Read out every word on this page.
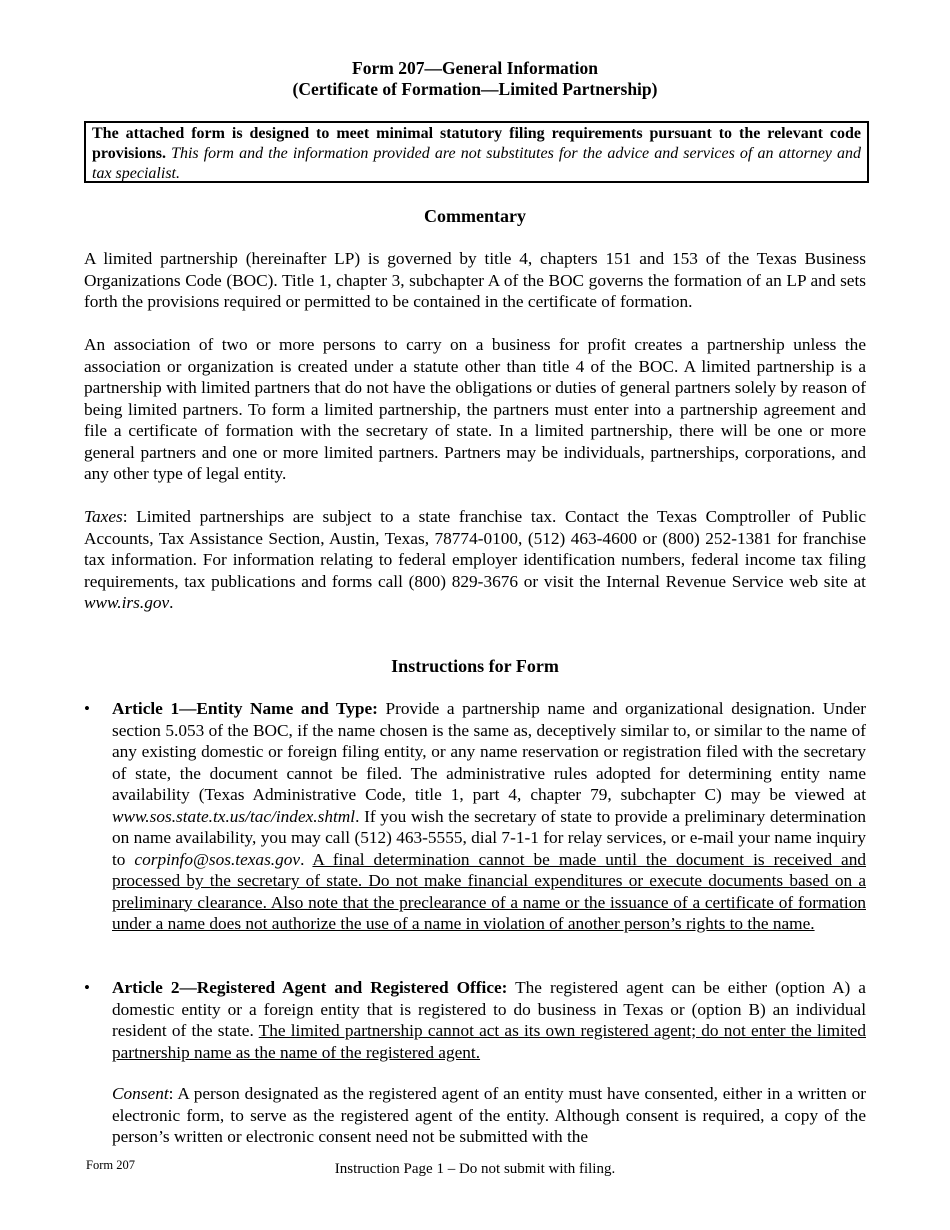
Form 207—General Information
(Certificate of Formation—Limited Partnership)
The attached form is designed to meet minimal statutory filing requirements pursuant to the relevant code provisions. This form and the information provided are not substitutes for the advice and services of an attorney and tax specialist.
Commentary
A limited partnership (hereinafter LP) is governed by title 4, chapters 151 and 153 of the Texas Business Organizations Code (BOC). Title 1, chapter 3, subchapter A of the BOC governs the formation of an LP and sets forth the provisions required or permitted to be contained in the certificate of formation.
An association of two or more persons to carry on a business for profit creates a partnership unless the association or organization is created under a statute other than title 4 of the BOC. A limited partnership is a partnership with limited partners that do not have the obligations or duties of general partners solely by reason of being limited partners. To form a limited partnership, the partners must enter into a partnership agreement and file a certificate of formation with the secretary of state. In a limited partnership, there will be one or more general partners and one or more limited partners. Partners may be individuals, partnerships, corporations, and any other type of legal entity.
Taxes: Limited partnerships are subject to a state franchise tax. Contact the Texas Comptroller of Public Accounts, Tax Assistance Section, Austin, Texas, 78774-0100, (512) 463-4600 or (800) 252-1381 for franchise tax information. For information relating to federal employer identification numbers, federal income tax filing requirements, tax publications and forms call (800) 829-3676 or visit the Internal Revenue Service web site at www.irs.gov.
Instructions for Form
•	Article 1—Entity Name and Type: Provide a partnership name and organizational designation. Under section 5.053 of the BOC, if the name chosen is the same as, deceptively similar to, or similar to the name of any existing domestic or foreign filing entity, or any name reservation or registration filed with the secretary of state, the document cannot be filed. The administrative rules adopted for determining entity name availability (Texas Administrative Code, title 1, part 4, chapter 79, subchapter C) may be viewed at www.sos.state.tx.us/tac/index.shtml. If you wish the secretary of state to provide a preliminary determination on name availability, you may call (512) 463-5555, dial 7-1-1 for relay services, or e-mail your name inquiry to corpinfo@sos.texas.gov. A final determination cannot be made until the document is received and processed by the secretary of state. Do not make financial expenditures or execute documents based on a preliminary clearance. Also note that the preclearance of a name or the issuance of a certificate of formation under a name does not authorize the use of a name in violation of another person’s rights to the name.
•	Article 2—Registered Agent and Registered Office: The registered agent can be either (option A) a domestic entity or a foreign entity that is registered to do business in Texas or (option B) an individual resident of the state. The limited partnership cannot act as its own registered agent; do not enter the limited partnership name as the name of the registered agent.
Consent: A person designated as the registered agent of an entity must have consented, either in a written or electronic form, to serve as the registered agent of the entity. Although consent is required, a copy of the person’s written or electronic consent need not be submitted with the
Form 207	Instruction Page 1 – Do not submit with filing.
